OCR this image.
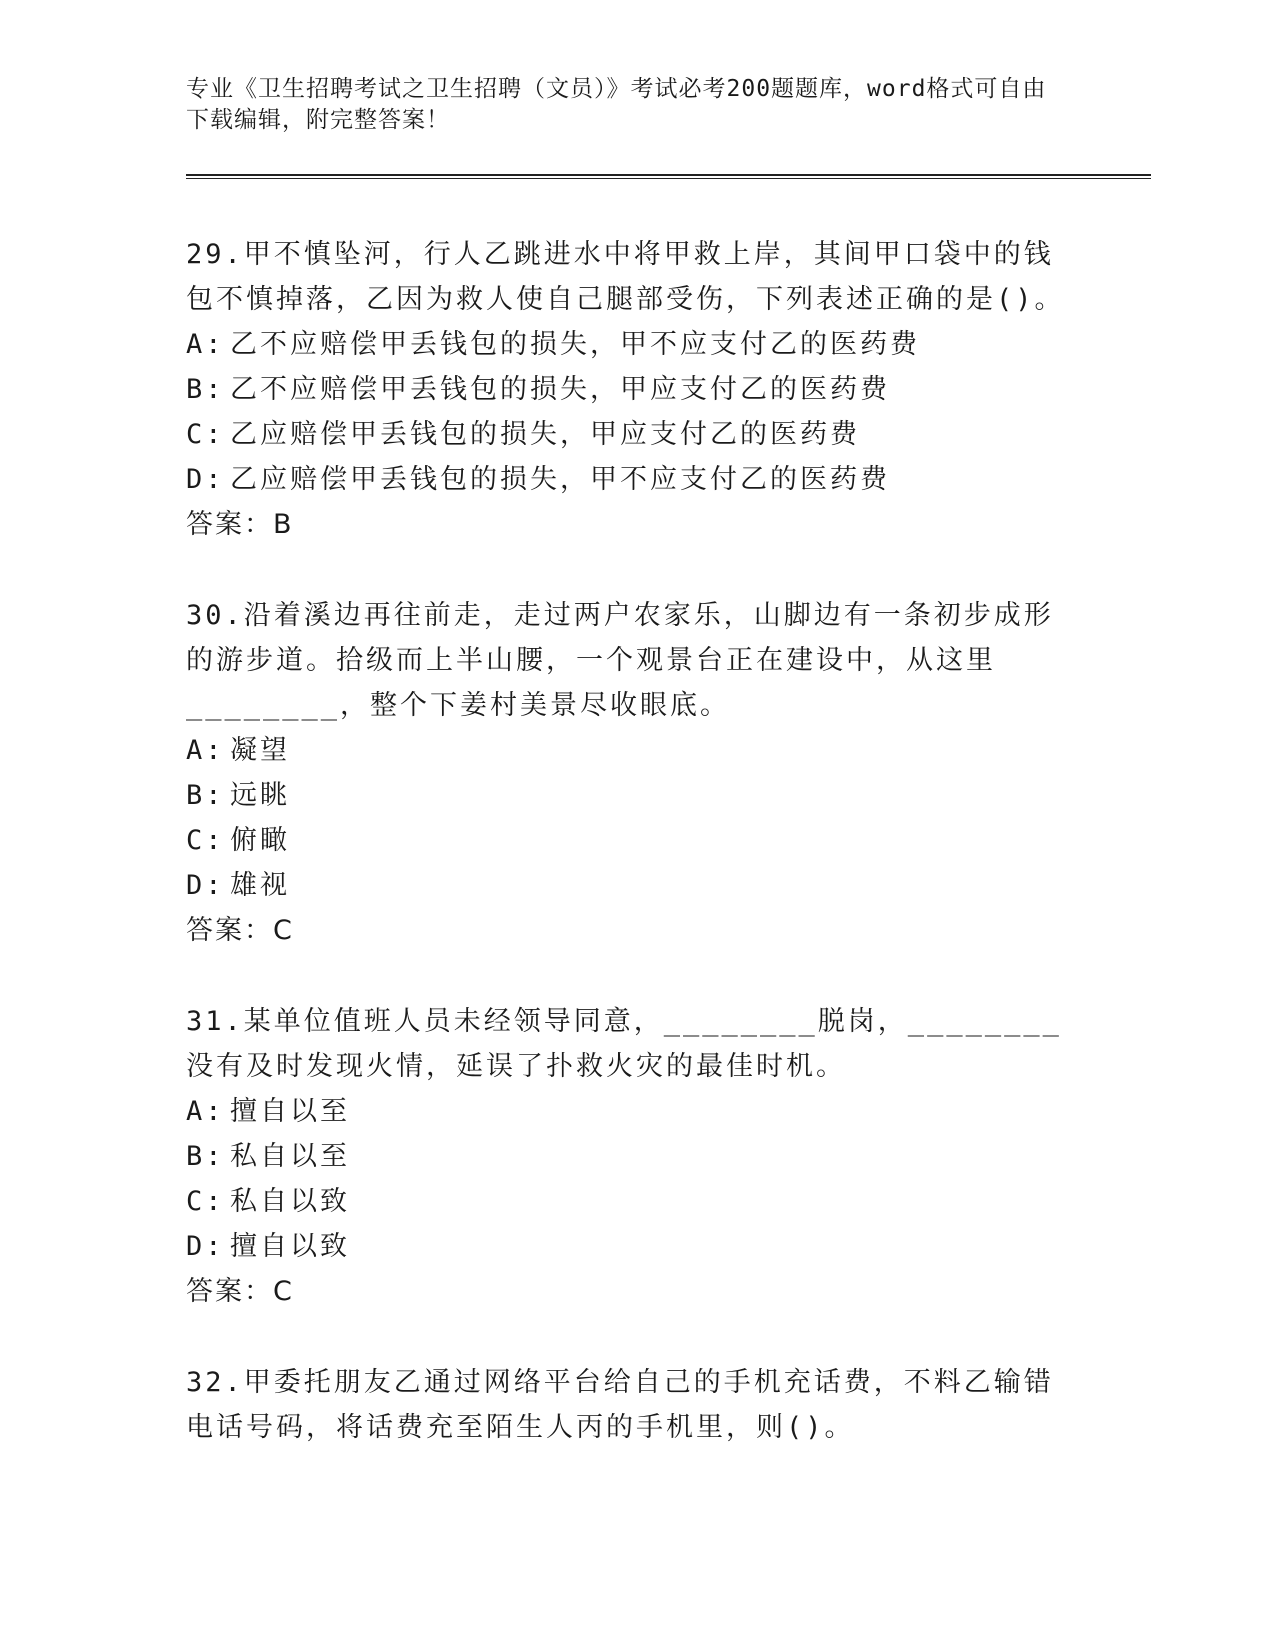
专业《卫生招聘考试之卫生招聘（文员）》考试必考200题题库，word格式可自由下载编辑，附完整答案！

29.甲不慎坠河，行人乙跳进水中将甲救上岸，其间甲口袋中的钱包不慎掉落，乙因为救人使自己腿部受伤，下列表述正确的是()。

A: 乙不应赔偿甲丢钱包的损失，甲不应支付乙的医药费

B: 乙不应赔偿甲丢钱包的损失，甲应支付乙的医药费

C: 乙应赔偿甲丢钱包的损失，甲应支付乙的医药费

D: 乙应赔偿甲丢钱包的损失，甲不应支付乙的医药费

答案：B

30.沿着溪边再往前走，走过两户农家乐，山脚边有一条初步成形的游步道。拾级而上半山腰，一个观景台正在建设中，从这里________，整个下姜村美景尽收眼底。

A: 凝望

B: 远眺

C: 俯瞰

D: 雄视

答案：C

31.某单位值班人员未经领导同意，________脱岗，________没有及时发现火情，延误了扑救火灾的最佳时机。

A: 擅自以至

B: 私自以至

C: 私自以致

D: 擅自以致

答案：C

32.甲委托朋友乙通过网络平台给自己的手机充话费，不料乙输错电话号码，将话费充至陌生人丙的手机里，则()。
